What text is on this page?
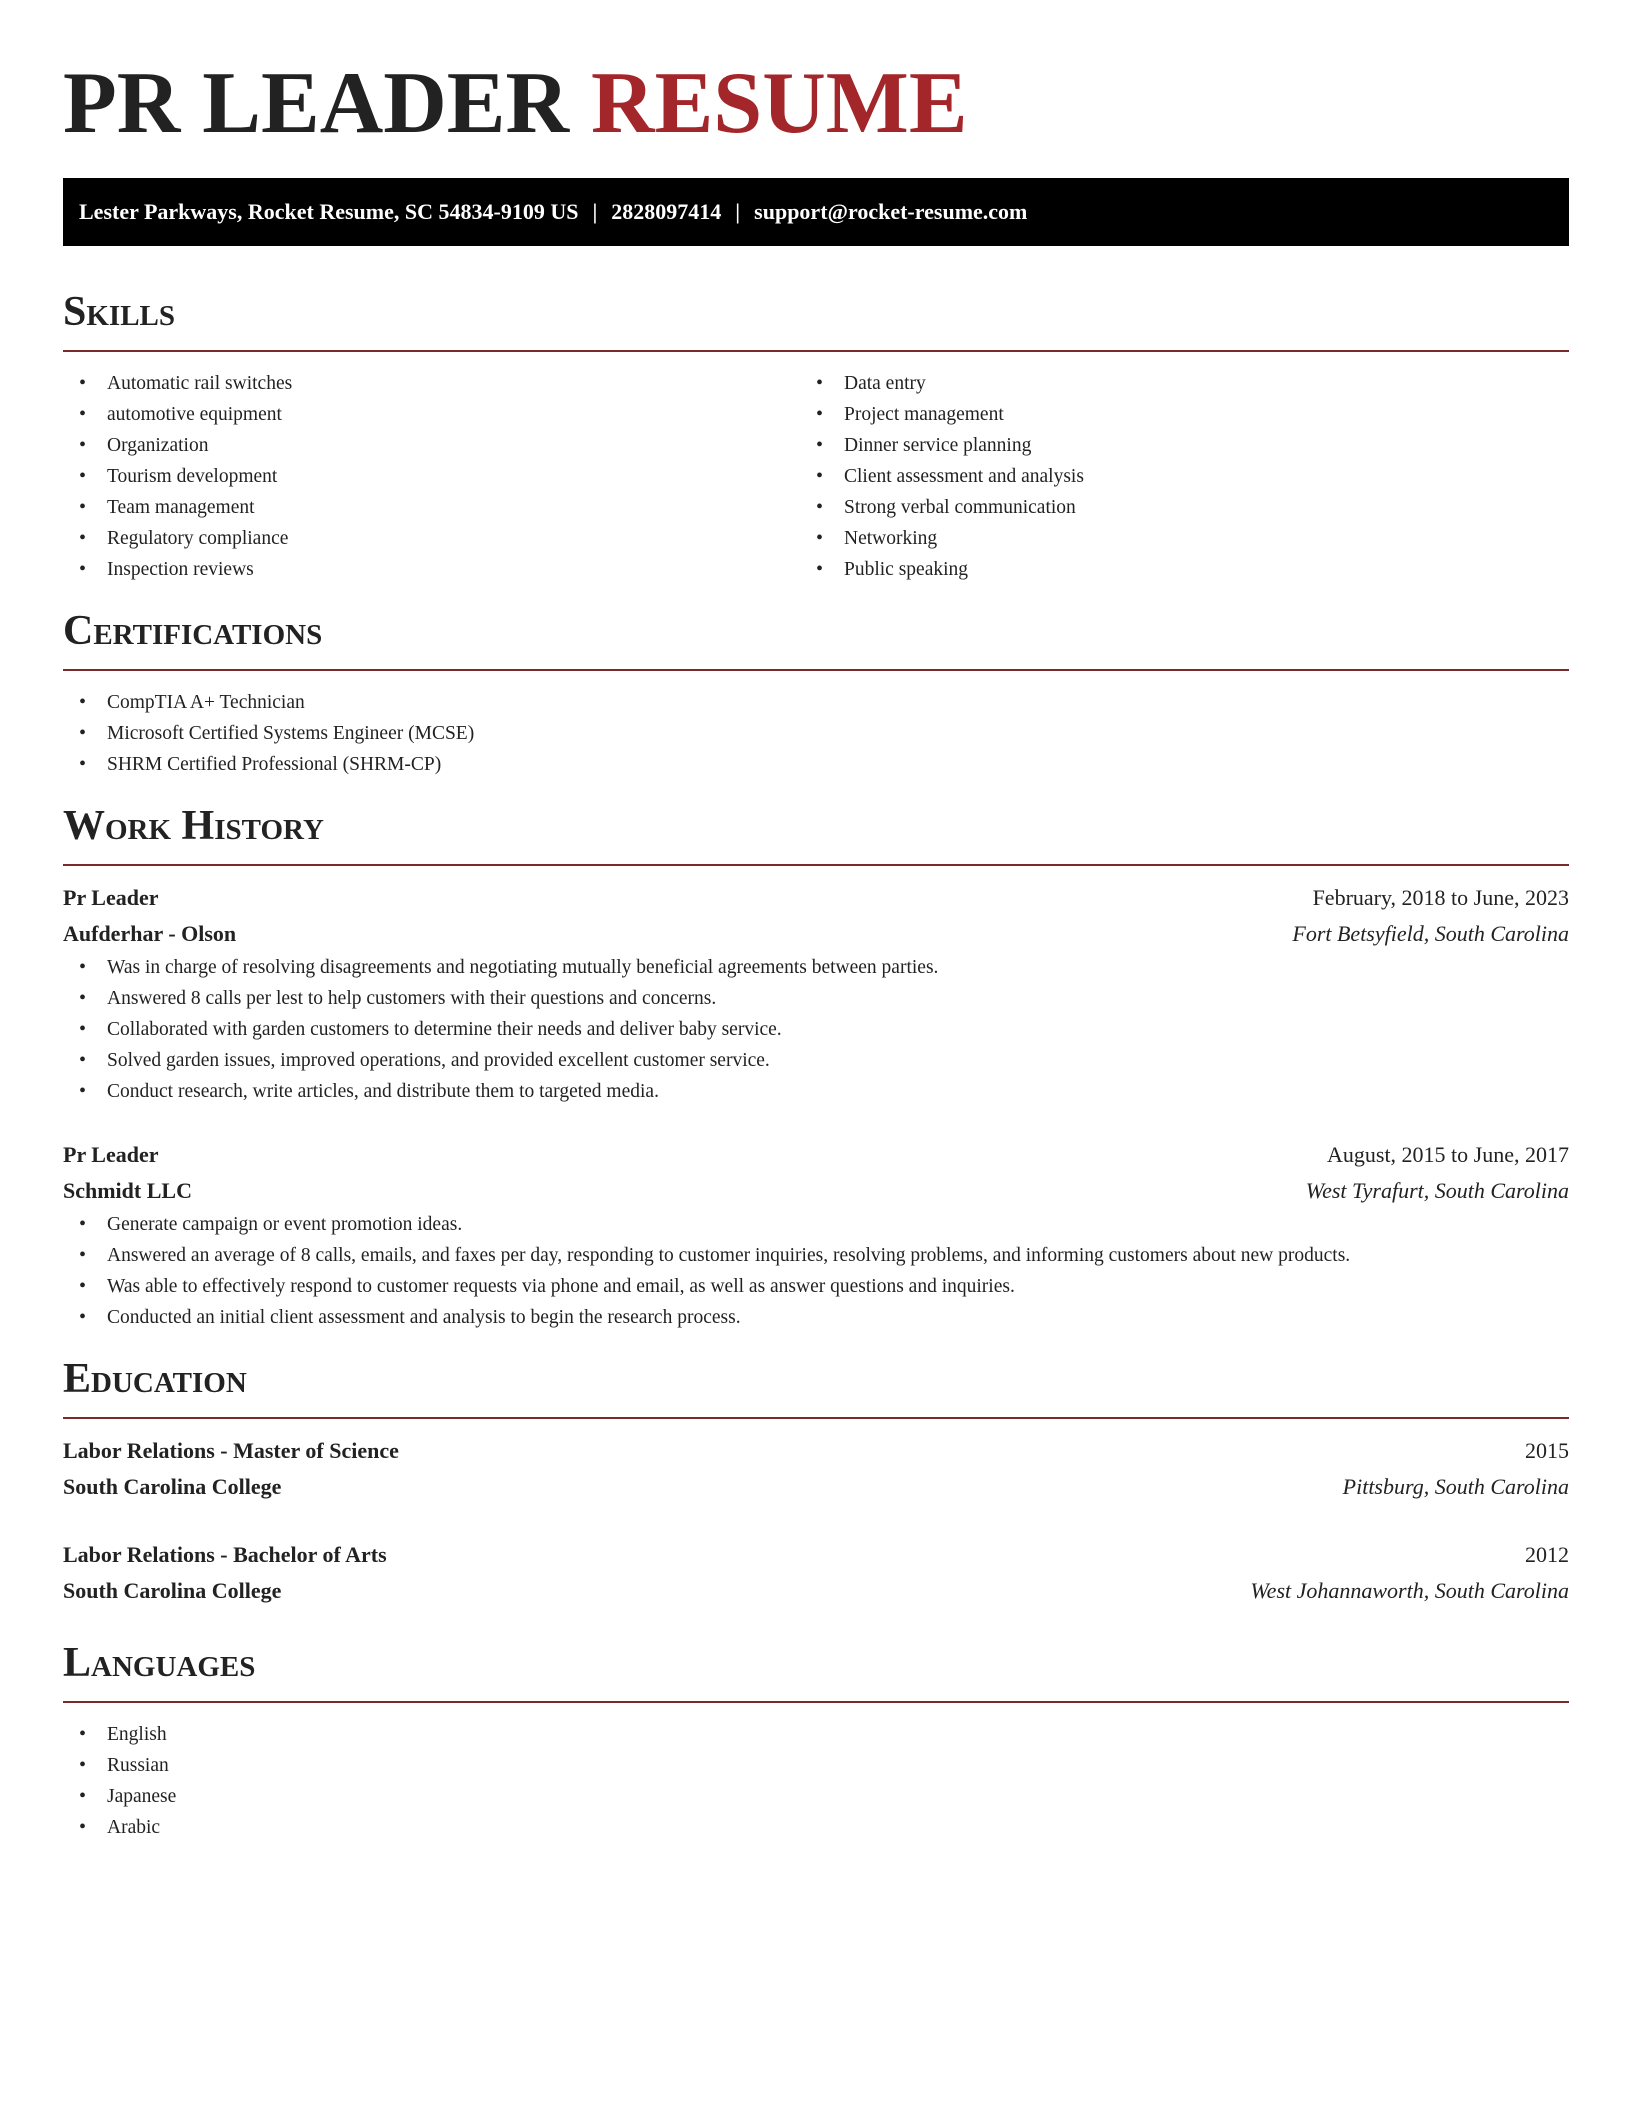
PR LEADER RESUME
Lester Parkways, Rocket Resume, SC 54834-9109 US | 2828097414 | support@rocket-resume.com
Skills
• Automatic rail switches
• automotive equipment
• Organization
• Tourism development
• Team management
• Regulatory compliance
• Inspection reviews
• Data entry
• Project management
• Dinner service planning
• Client assessment and analysis
• Strong verbal communication
• Networking
• Public speaking
Certifications
• CompTIA A+ Technician
• Microsoft Certified Systems Engineer (MCSE)
• SHRM Certified Professional (SHRM-CP)
Work History
Pr Leader	February, 2018 to June, 2023
Aufderhar - Olson	Fort Betsyfield, South Carolina
• Was in charge of resolving disagreements and negotiating mutually beneficial agreements between parties.
• Answered 8 calls per lest to help customers with their questions and concerns.
• Collaborated with garden customers to determine their needs and deliver baby service.
• Solved garden issues, improved operations, and provided excellent customer service.
• Conduct research, write articles, and distribute them to targeted media.
Pr Leader	August, 2015 to June, 2017
Schmidt LLC	West Tyrafurt, South Carolina
• Generate campaign or event promotion ideas.
• Answered an average of 8 calls, emails, and faxes per day, responding to customer inquiries, resolving problems, and informing customers about new products.
• Was able to effectively respond to customer requests via phone and email, as well as answer questions and inquiries.
• Conducted an initial client assessment and analysis to begin the research process.
Education
Labor Relations - Master of Science	2015
South Carolina College	Pittsburg, South Carolina
Labor Relations - Bachelor of Arts	2012
South Carolina College	West Johannaworth, South Carolina
Languages
• English
• Russian
• Japanese
• Arabic
